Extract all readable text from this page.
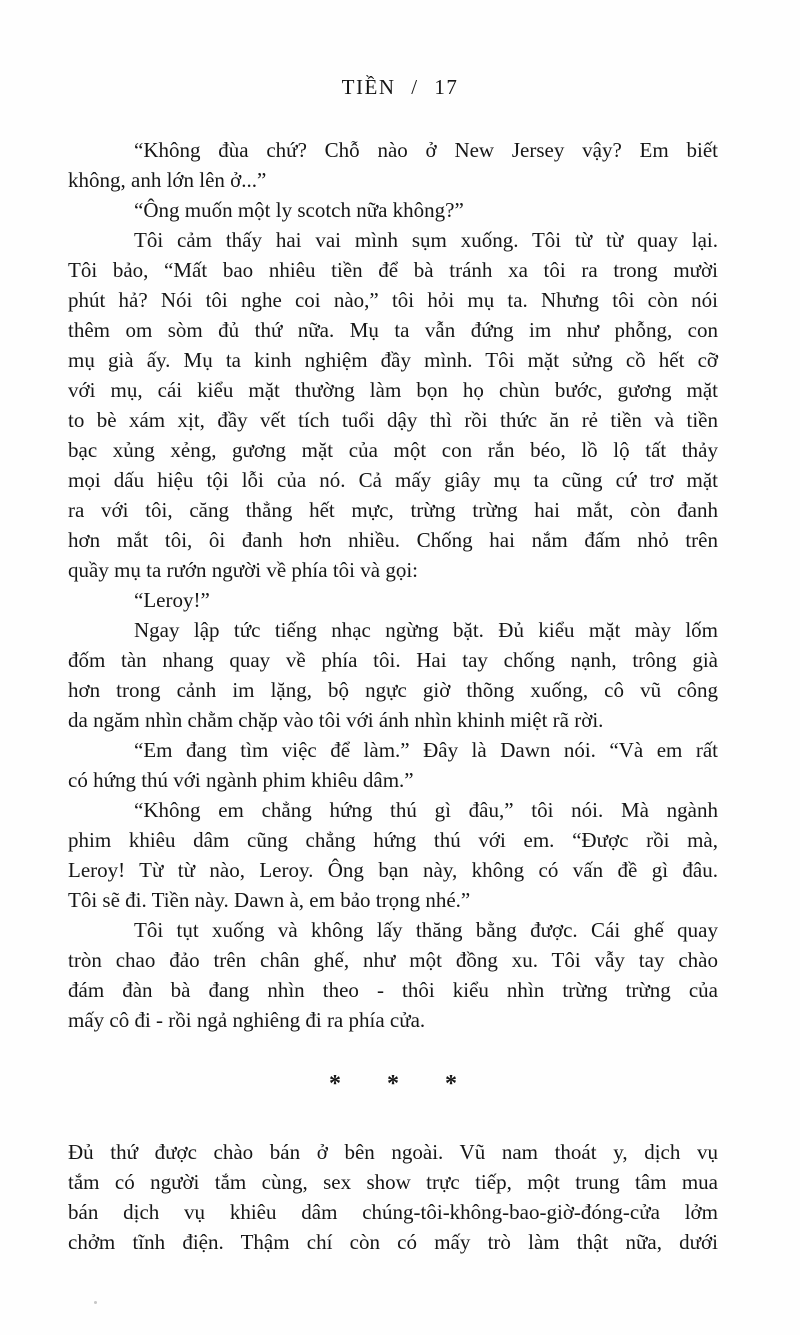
TIỀN / 17
“Không đùa chứ? Chỗ nào ở New Jersey vậy? Em biết
không, anh lớn lên ở...”
“Ông muốn một ly scotch nữa không?”
Tôi cảm thấy hai vai mình sụm xuống. Tôi từ từ quay lại.
Tôi bảo, “Mất bao nhiêu tiền để bà tránh xa tôi ra trong mười
phút hả? Nói tôi nghe coi nào,” tôi hỏi mụ ta. Nhưng tôi còn nói
thêm om sòm đủ thứ nữa. Mụ ta vẫn đứng im như phỗng, con
mụ già ấy. Mụ ta kinh nghiệm đầy mình. Tôi mặt sửng cồ hết cỡ
với mụ, cái kiểu mặt thường làm bọn họ chùn bước, gương mặt
to bè xám xịt, đầy vết tích tuổi dậy thì rồi thức ăn rẻ tiền và tiền
bạc xủng xẻng, gương mặt của một con rắn béo, lồ lộ tất thảy
mọi dấu hiệu tội lỗi của nó. Cả mấy giây mụ ta cũng cứ trơ mặt
ra với tôi, căng thẳng hết mực, trừng trừng hai mắt, còn đanh
hơn mắt tôi, ôi đanh hơn nhiều. Chống hai nắm đấm nhỏ trên
quầy mụ ta rướn người về phía tôi và gọi:
“Leroy!”
Ngay lập tức tiếng nhạc ngừng bặt. Đủ kiểu mặt mày lốm
đốm tàn nhang quay về phía tôi. Hai tay chống nạnh, trông già
hơn trong cảnh im lặng, bộ ngực giờ thõng xuống, cô vũ công
da ngăm nhìn chằm chặp vào tôi với ánh nhìn khinh miệt rã rời.
“Em đang tìm việc để làm.” Đây là Dawn nói. “Và em rất
có hứng thú với ngành phim khiêu dâm.”
“Không em chẳng hứng thú gì đâu,” tôi nói. Mà ngành
phim khiêu dâm cũng chẳng hứng thú với em. “Được rồi mà,
Leroy! Từ từ nào, Leroy. Ông bạn này, không có vấn đề gì đâu.
Tôi sẽ đi. Tiền này. Dawn à, em bảo trọng nhé.”
Tôi tụt xuống và không lấy thăng bằng được. Cái ghế quay
tròn chao đảo trên chân ghế, như một đồng xu. Tôi vẫy tay chào
đám đàn bà đang nhìn theo - thôi kiểu nhìn trừng trừng của
mấy cô đi - rồi ngả nghiêng đi ra phía cửa.
* * *
Đủ thứ được chào bán ở bên ngoài. Vũ nam thoát y, dịch vụ
tắm có người tắm cùng, sex show trực tiếp, một trung tâm mua
bán dịch vụ khiêu dâm chúng-tôi-không-bao-giờ-đóng-cửa lởm
chởm tĩnh điện. Thậm chí còn có mấy trò làm thật nữa, dưới
